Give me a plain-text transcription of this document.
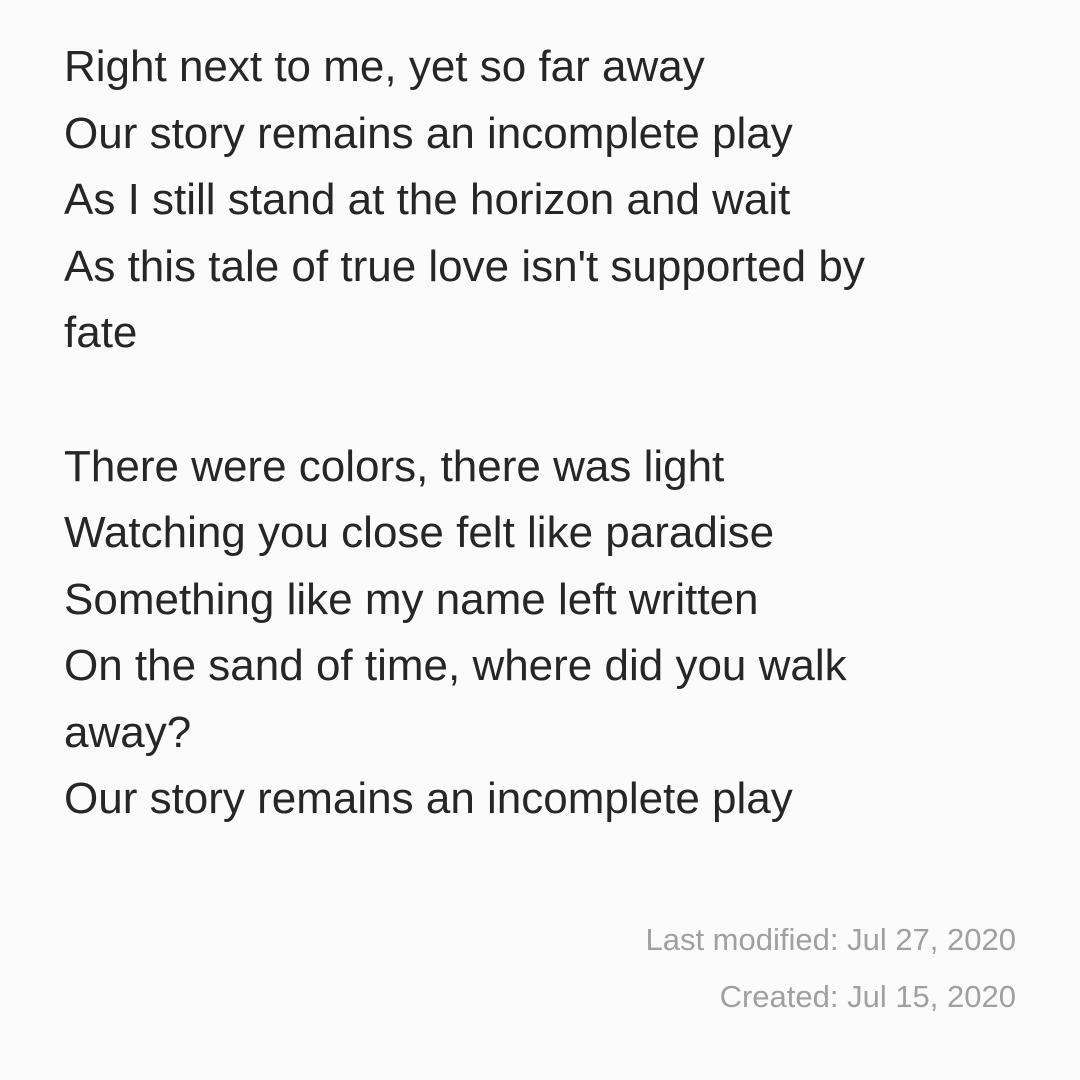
Right next to me, yet so far away
Our story remains an incomplete play
As I still stand at the horizon and wait
As this tale of true love isn't supported by
fate
There were colors, there was light
Watching you close felt like paradise
Something like my name left written
On the sand of time, where did you walk
away?
Our story remains an incomplete play
Last modified: Jul 27, 2020
Created: Jul 15, 2020
